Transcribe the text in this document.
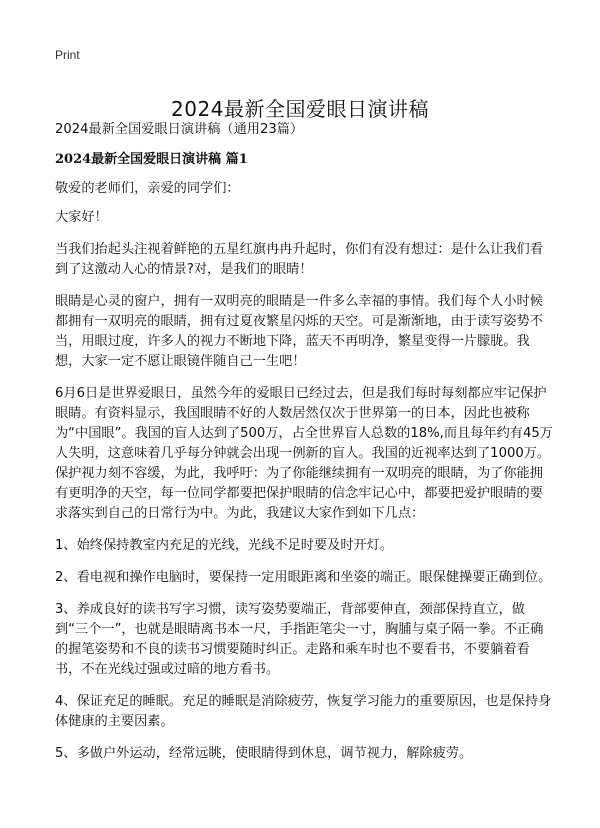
Print
2024最新全国爱眼日演讲稿

2024最新全国爱眼日演讲稿（通用23篇）

2024最新全国爱眼日演讲稿 篇1

敬爱的老师们，亲爱的同学们：

大家好！

当我们抬起头注视着鲜艳的五星红旗冉冉升起时，你们有没有想过：是什么让我们看到了这激动人心的情景?对，是我们的眼睛！

眼睛是心灵的窗户，拥有一双明亮的眼睛是一件多么幸福的事情。我们每个人小时候都拥有一双明亮的眼睛，拥有过夏夜繁星闪烁的天空。可是渐渐地，由于读写姿势不当，用眼过度，许多人的视力不断地下降，蓝天不再明净，繁星变得一片朦胧。我想，大家一定不愿让眼镜伴随自己一生吧！

6月6日是世界爱眼日，虽然今年的爱眼日已经过去，但是我们每时每刻都应牢记保护眼睛。有资料显示，我国眼睛不好的人数居然仅次于世界第一的日本，因此也被称为“中国眼”。我国的盲人达到了500万，占全世界盲人总数的18%,而且每年约有45万人失明，这意味着几乎每分钟就会出现一例新的盲人。我国的近视率达到了1000万。保护视力刻不容缓，为此，我呼吁：为了你能继续拥有一双明亮的眼睛，为了你能拥有更明净的天空，每一位同学都要把保护眼睛的信念牢记心中，都要把爱护眼睛的要求落实到自己的日常行为中。为此，我建议大家作到如下几点：

1、始终保持教室内充足的光线，光线不足时要及时开灯。

2、看电视和操作电脑时，要保持一定用眼距离和坐姿的端正。眼保健操要正确到位。

3、养成良好的读书写字习惯，读写姿势要端正，背部要伸直，颈部保持直立，做到“三个一”，也就是眼睛离书本一尺，手指距笔尖一寸，胸脯与桌子隔一拳。不正确的握笔姿势和不良的读书习惯要随时纠正。走路和乘车时也不要看书，不要躺着看书，不在光线过强或过暗的地方看书。

4、保证充足的睡眠。充足的睡眠是消除疲劳，恢复学习能力的重要原因，也是保持身体健康的主要因素。

5、多做户外运动，经常远眺，使眼睛得到休息，调节视力，解除疲劳。
